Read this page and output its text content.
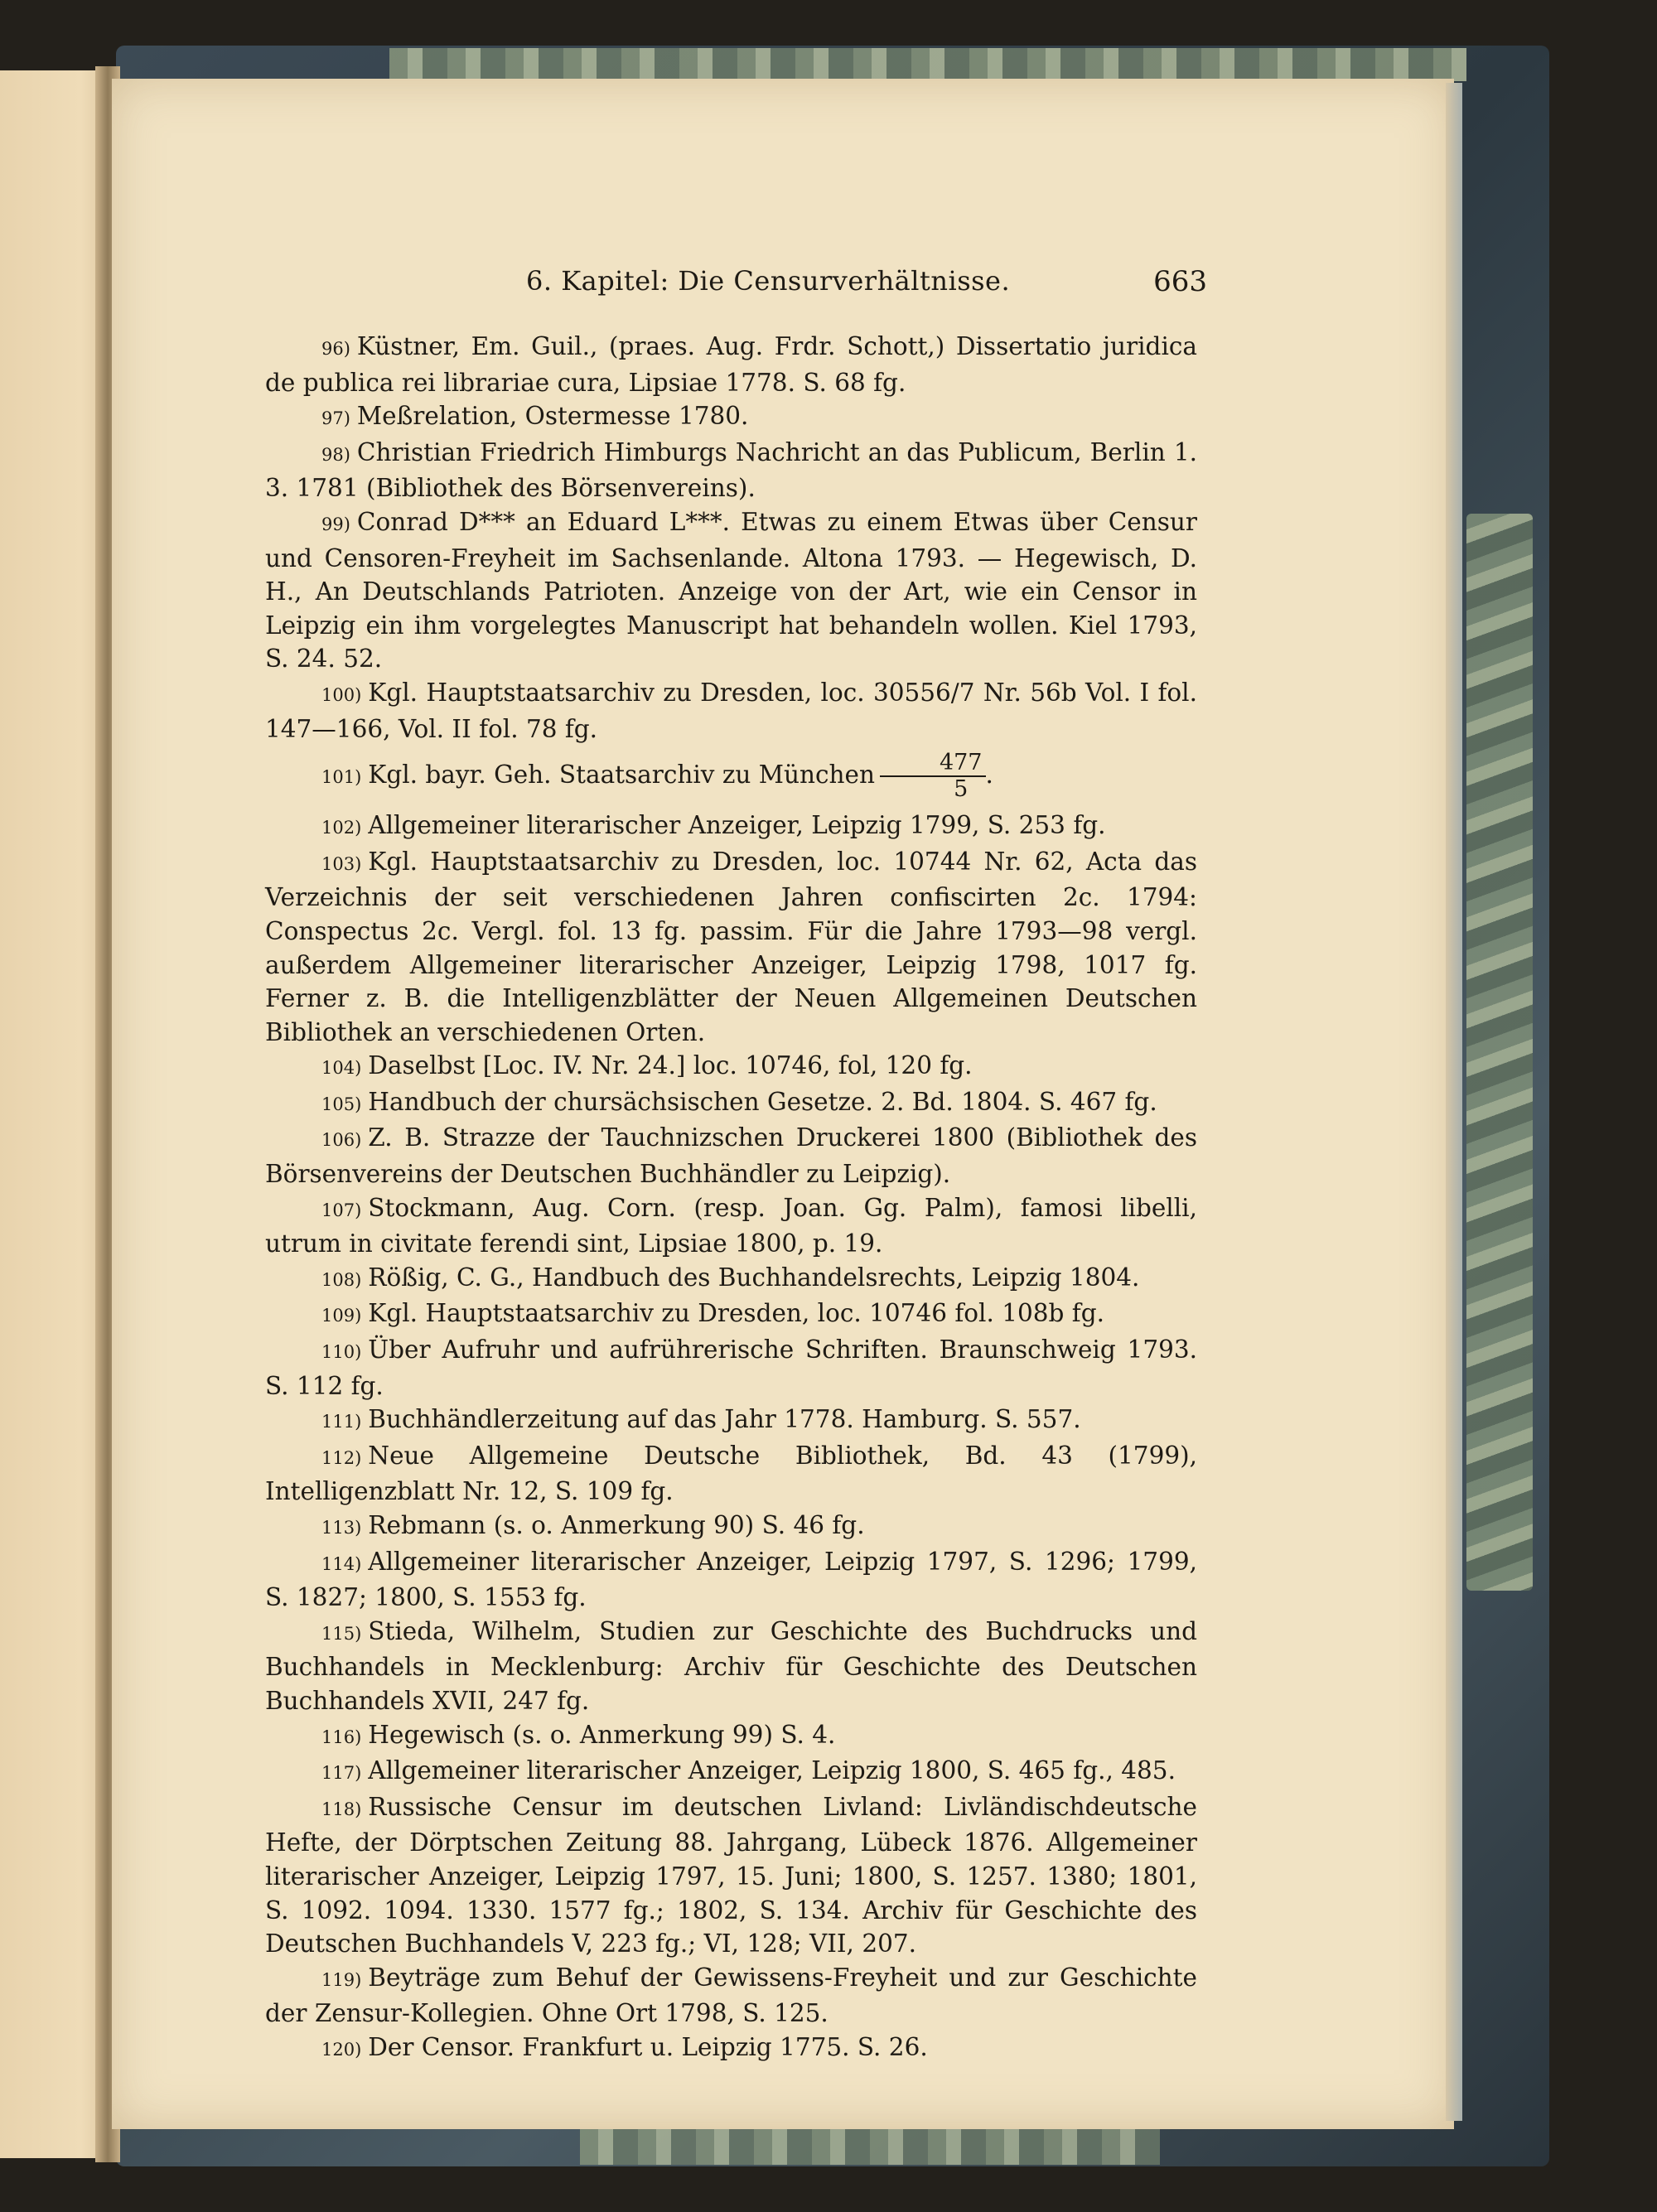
6. Kapitel: Die Censurverhältnisse.	663

96) Küstner, Em. Guil., (praes. Aug. Frdr. Schott,) Dissertatio juridica de publica rei librariae cura, Lipsiae 1778. S. 68 fg.

97) Meßrelation, Ostermesse 1780.

98) Christian Friedrich Himburgs Nachricht an das Publicum, Berlin 1. 3. 1781 (Bibliothek des Börsenvereins).

99) Conrad D*** an Eduard L***. Etwas zu einem Etwas über Censur und Censoren-Freyheit im Sachsenlande. Altona 1793. — Hegewisch, D. H., An Deutschlands Patrioten. Anzeige von der Art, wie ein Censor in Leipzig ein ihm vorgelegtes Manuscript hat behandeln wollen. Kiel 1793, S. 24. 52.

100) Kgl. Hauptstaatsarchiv zu Dresden, loc. 30556/7 Nr. 56b Vol. I fol. 147—166, Vol. II fol. 78 fg.

101) Kgl. bayr. Geh. Staatsarchiv zu München $\frac{477}{5}$ .

102) Allgemeiner literarischer Anzeiger, Leipzig 1799, S. 253 fg.

103) Kgl. Hauptstaatsarchiv zu Dresden, loc. 10744 Nr. 62, Acta das Verzeichnis der seit verschiedenen Jahren confiscirten 2c. 1794: Conspectus 2c. Vergl. fol. 13 fg. passim. Für die Jahre 1793—98 vergl. außerdem Allgemeiner literarischer Anzeiger, Leipzig 1798, 1017 fg. Ferner z. B. die Intelligenzblätter der Neuen Allgemeinen Deutschen Bibliothek an verschiedenen Orten.

104) Daselbst [Loc. IV. Nr. 24.] loc. 10746, fol, 120 fg.

105) Handbuch der chursächsischen Gesetze. 2. Bd. 1804. S. 467 fg.

106) Z. B. Strazze der Tauchnizschen Druckerei 1800 (Bibliothek des Börsenvereins der Deutschen Buchhändler zu Leipzig).

107) Stockmann, Aug. Corn. (resp. Joan. Gg. Palm), famosi libelli, utrum in civitate ferendi sint, Lipsiae 1800, p. 19.

108) Rößig, C. G., Handbuch des Buchhandelsrechts, Leipzig 1804.

109) Kgl. Hauptstaatsarchiv zu Dresden, loc. 10746 fol. 108b fg.

110) Über Aufruhr und aufrührerische Schriften. Braunschweig 1793. S. 112 fg.

111) Buchhändlerzeitung auf das Jahr 1778. Hamburg. S. 557.

112) Neue Allgemeine Deutsche Bibliothek, Bd. 43 (1799), Intelligenzblatt Nr. 12, S. 109 fg.

113) Rebmann (s. o. Anmerkung 90) S. 46 fg.

114) Allgemeiner literarischer Anzeiger, Leipzig 1797, S. 1296; 1799, S. 1827; 1800, S. 1553 fg.

115) Stieda, Wilhelm, Studien zur Geschichte des Buchdrucks und Buchhandels in Mecklenburg: Archiv für Geschichte des Deutschen Buchhandels XVII, 247 fg.

116) Hegewisch (s. o. Anmerkung 99) S. 4.

117) Allgemeiner literarischer Anzeiger, Leipzig 1800, S. 465 fg., 485.

118) Russische Censur im deutschen Livland: Livländischdeutsche Hefte, der Dörptschen Zeitung 88. Jahrgang, Lübeck 1876. Allgemeiner literarischer Anzeiger, Leipzig 1797, 15. Juni; 1800, S. 1257. 1380; 1801, S. 1092. 1094. 1330. 1577 fg.; 1802, S. 134. Archiv für Geschichte des Deutschen Buchhandels V, 223 fg.; VI, 128; VII, 207.

119) Beyträge zum Behuf der Gewissens-Freyheit und zur Geschichte der Zensur-Kollegien. Ohne Ort 1798, S. 125.

120) Der Censor. Frankfurt u. Leipzig 1775. S. 26.
